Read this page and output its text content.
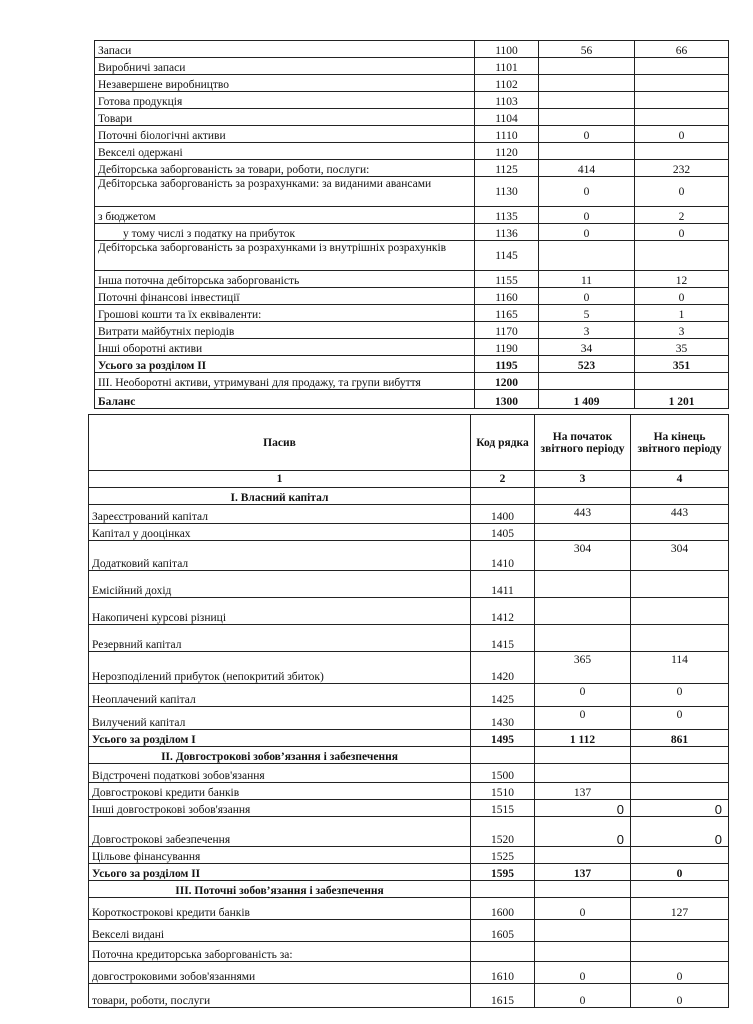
Запаси	1100	56	66
Виробничі запаси	1101		
Незавершене виробництво	1102		
Готова продукція	1103		
Товари	1104		
Поточні біологічні активи	1110	0	0
Векселі одержані	1120		
Дебіторська заборгованість за товари, роботи, послуги:	1125	414	232
Дебіторська заборгованість за розрахунками: за виданими авансами	1130	0	0
з бюджетом	1135	0	2
у тому числі з податку на прибуток	1136	0	0
Дебіторська заборгованість за розрахунками із внутрішніх розрахунків	1145		
Інша поточна дебіторська заборгованість	1155	11	12
Поточні фінансові інвестиції	1160	0	0
Грошові кошти та їх еквіваленти:	1165	5	1
Витрати майбутніх періодів	1170	3	3
Інші оборотні активи	1190	34	35
Усього за розділом ІІ	1195	523	351
ІІІ. Необоротні активи, утримувані для продажу, та групи вибуття	1200		
Баланс	1300	1 409	1 201
Пасив	Код рядка	На початок звітного періоду	На кінець звітного періоду
1	2	3	4
I. Власний капітал			
Зареєстрований капітал	1400	443	443
Капітал у дооцінках	1405		
Додатковий капітал	1410	304	304
Емісійний дохід	1411		
Накопичені курсові різниці	1412		
Резервний капітал	1415		
Нерозподілений прибуток (непокритий збиток)	1420	365	114
Неоплачений капітал	1425	0	0
Вилучений капітал	1430	0	0
Усього за розділом І	1495	1 112	861
II. Довгострокові зобов’язання і забезпечення			
Відстрочені податкові зобов'язання	1500		
Довгострокові кредити банків	1510	137	
Інші довгострокові зобов'язання	1515	0	0
Довгострокові забезпечення	1520	0	0
Цільове фінансування	1525		
Усього за розділом ІІ	1595	137	0
ІІІ. Поточні зобов’язання і забезпечення			
Короткострокові кредити банків	1600	0	127
Векселі видані	1605		
Поточна кредиторська заборгованість за:			
довгостроковими зобов'язаннями	1610	0	0
товари, роботи, послуги	1615	0	0
